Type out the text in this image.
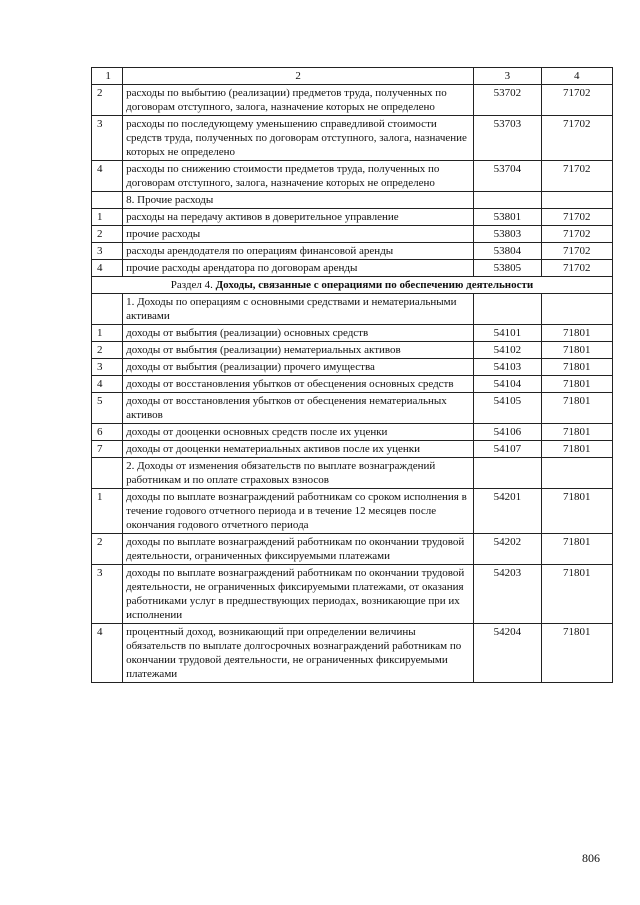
1	2	3	4
2	расходы по выбытию (реализации) предметов труда, полученных по договорам отступного, залога, назначение которых не определено	53702	71702
3	расходы по последующему уменьшению справедливой стоимости средств труда, полученных по договорам отступного, залога, назначение которых не определено	53703	71702
4	расходы по снижению стоимости предметов труда, полученных по договорам отступного, залога, назначение которых не определено	53704	71702
	8. Прочие расходы		
1	расходы на передачу активов в доверительное управление	53801	71702
2	прочие расходы	53803	71702
3	расходы арендодателя по операциям финансовой аренды	53804	71702
4	прочие расходы арендатора по договорам аренды	53805	71702
Раздел 4. Доходы, связанные с операциями по обеспечению деятельности			
	1. Доходы по операциям с основными средствами и нематериальными активами		
1	доходы от выбытия (реализации) основных средств	54101	71801
2	доходы от выбытия (реализации) нематериальных активов	54102	71801
3	доходы от выбытия (реализации) прочего имущества	54103	71801
4	доходы от восстановления убытков от обесценения основных средств	54104	71801
5	доходы от восстановления убытков от обесценения нематериальных активов	54105	71801
6	доходы от дооценки основных средств после их уценки	54106	71801
7	доходы от дооценки нематериальных активов после их уценки	54107	71801
	2. Доходы от изменения обязательств по выплате вознаграждений работникам и по оплате страховых взносов		
1	доходы по выплате вознаграждений работникам со сроком исполнения в течение годового отчетного периода и в течение 12 месяцев после окончания годового отчетного периода	54201	71801
2	доходы по выплате вознаграждений работникам по окончании трудовой деятельности, ограниченных фиксируемыми платежами	54202	71801
3	доходы по выплате вознаграждений работникам по окончании трудовой деятельности, не ограниченных фиксируемыми платежами, от оказания работниками услуг в предшествующих периодах, возникающие при их исполнении	54203	71801
4	процентный доход, возникающий при определении величины обязательств по выплате долгосрочных вознаграждений работникам по окончании трудовой деятельности, не ограниченных фиксируемыми платежами	54204	71801
806
